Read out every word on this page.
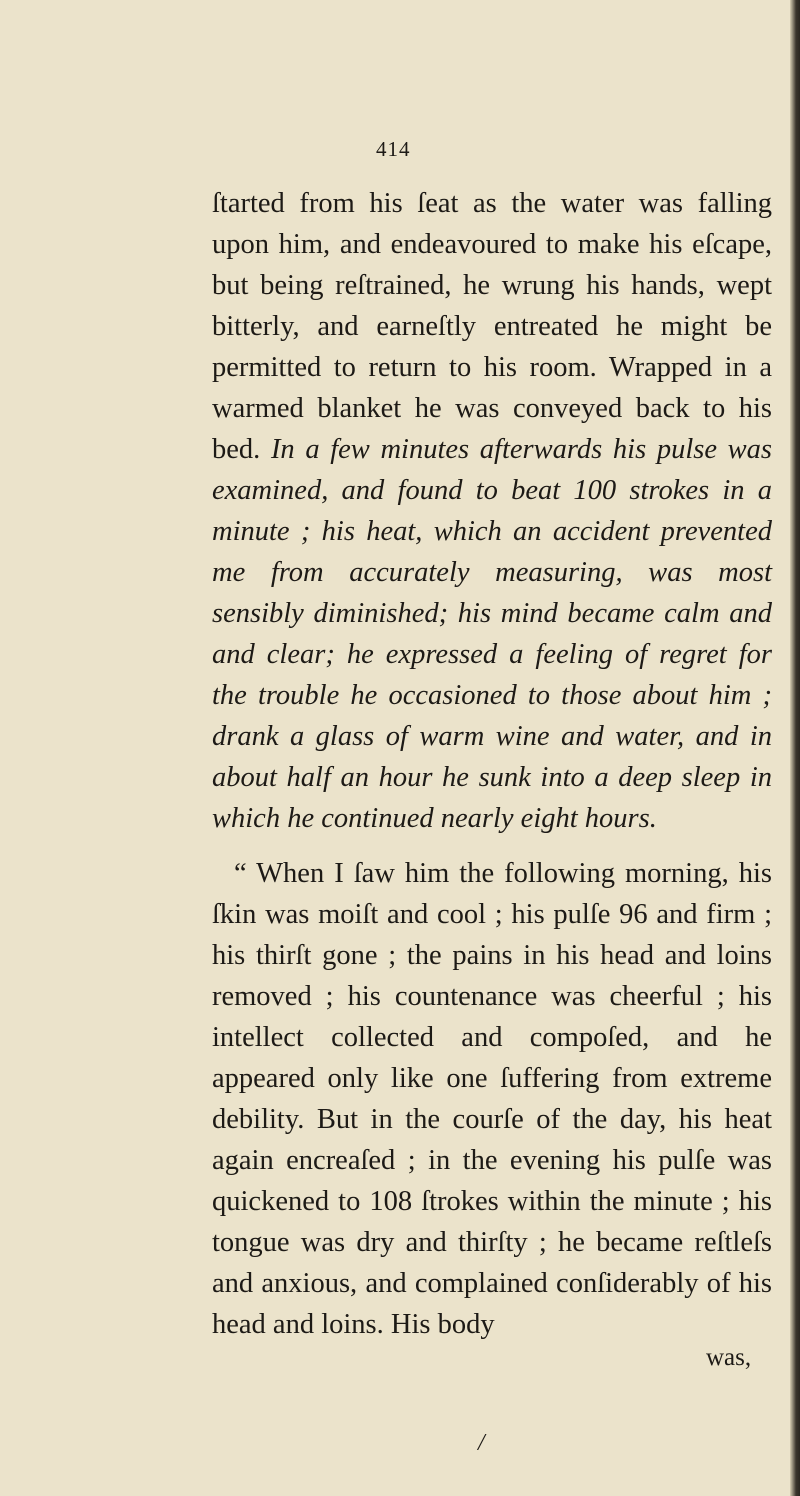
414

ſtarted from his ſeat as the water was falling upon him, and endeavoured to make his eſcape, but being reſtrained, he wrung his hands, wept bitterly, and earneſtly entreated he might be permitted to return to his room. Wrapped in a warmed blanket he was conveyed back to his bed. In a few minutes afterwards his pulse was examined, and found to beat 100 strokes in a minute ; his heat, which an accident prevented me from accurately measuring, was most sensibly diminished; his mind became calm and and clear; he expressed a feeling of regret for the trouble he occasioned to those about him ; drank a glass of warm wine and water, and in about half an hour he sunk into a deep sleep in which he continued nearly eight hours.

“ When I ſaw him the following morning, his ſkin was moiſt and cool ; his pulſe 96 and firm ; his thirſt gone ; the pains in his head and loins removed ; his countenance was cheerful ; his intellect collected and compoſed, and he appeared only like one ſuffering from extreme debility. But in the courſe of the day, his heat again encreaſed ; in the evening his pulſe was quickened to 108 ſtrokes within the minute ; his tongue was dry and thirſty ; he became reſtleſs and anxious, and complained conſiderably of his head and loins. His body

was,
/
